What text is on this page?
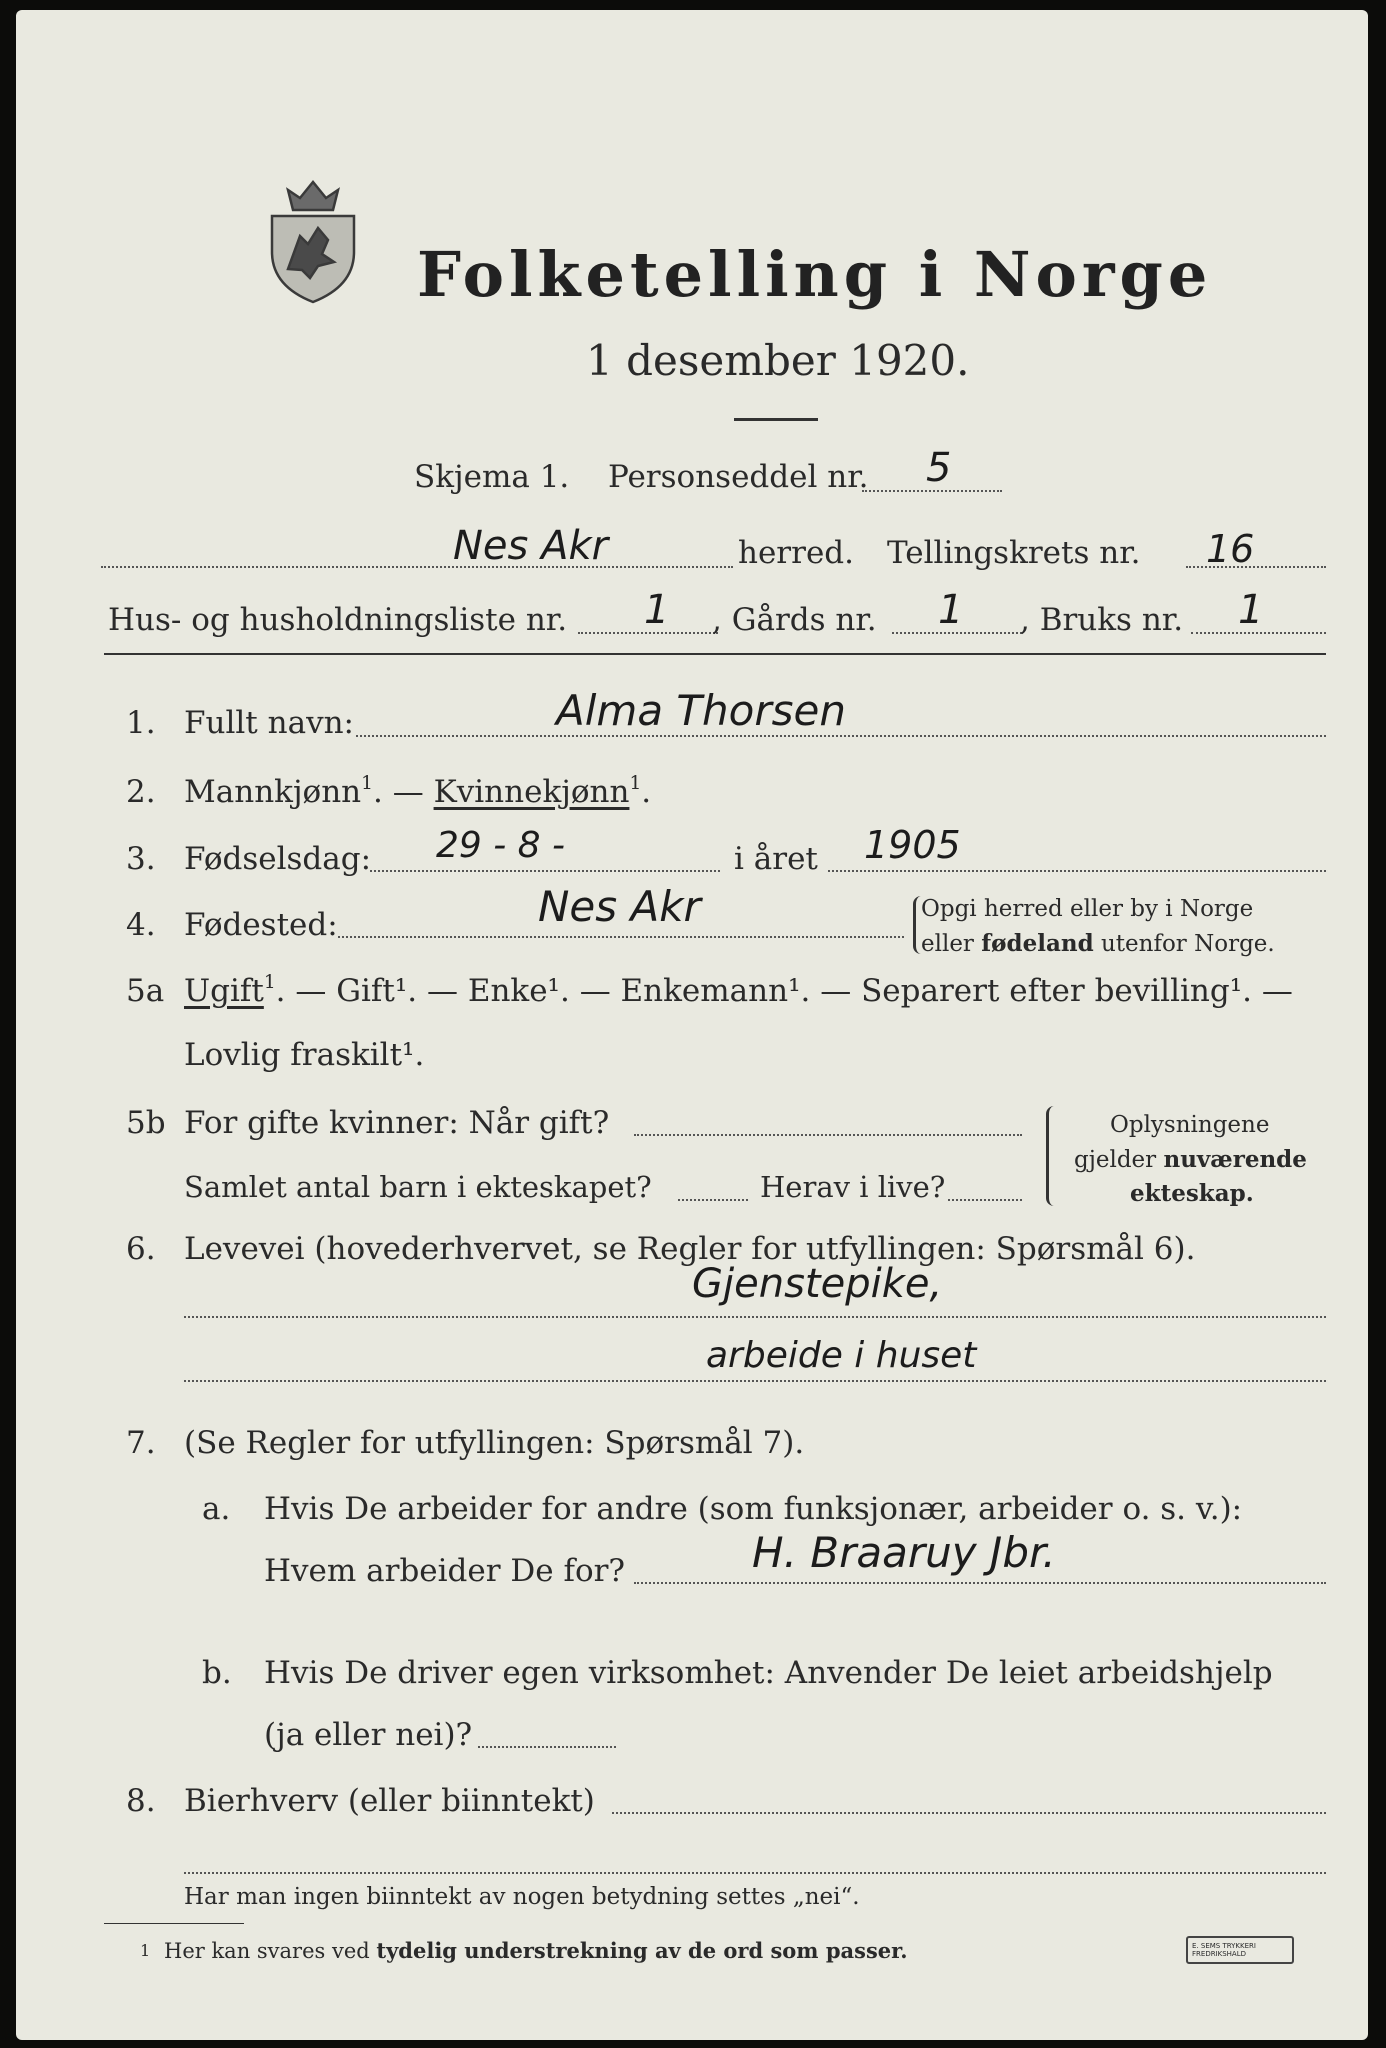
Folketelling i Norge
1 desember 1920.
Skjema 1. Personseddel nr. 5
Nes Akr	herred. Tellingskrets nr. 16
Hus- og husholdningsliste nr. 1 , Gårds nr. 1 , Bruks nr. 1
1. Fullt navn:	Alma Thorsen
2. Mannkjønn$^1$. — Kvinnekjønn$^1$.
3. Fødselsdag: 29 - 8 -	i året 1905
4. Fødested:	Nes Akr	Opgi herred eller by i Norge
eller fødeland utenfor Norge.
5a Ugift$^1$. — Gift¹. — Enke¹. — Enkemann¹. — Separert efter bevilling¹. —
Lovlig fraskilt¹.
5b For gifte kvinner: Når gift?
Samlet antal barn i ekteskapet?	Herav i live?
Oplysningene
gjelder nuværende
ekteskap.
6. Levevei (hovederhvervet, se Regler for utfyllingen: Spørsmål 6).
Gjenstepike,
arbeide i huset
7. (Se Regler for utfyllingen: Spørsmål 7).
a. Hvis De arbeider for andre (som funksjonær, arbeider o. s. v.):
Hvem arbeider De for?	H. Braaruy Jbr.
b. Hvis De driver egen virksomhet: Anvender De leiet arbeidshjelp
(ja eller nei)?
8. Bierhverv (eller biinntekt)
Har man ingen biinntekt av nogen betydning settes „nei“.
1 Her kan svares ved tydelig understrekning av de ord som passer.	E. SEMS TRYKKERI FREDRIKSHALD
